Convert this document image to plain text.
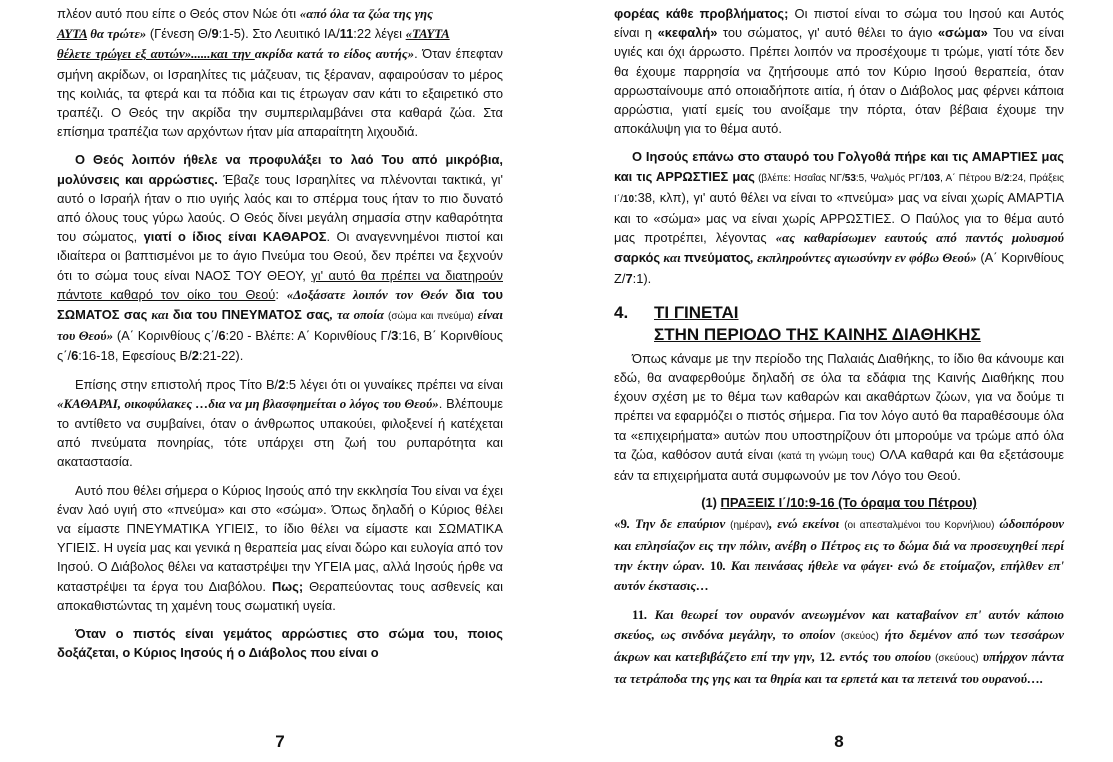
πλέον αυτό που είπε ο Θεός στον Νώε ότι «από όλα τα ζώα της γης
ΑΥΤΑ θα τρώτε» (Γένεση Θ/9:1-5). Στο Λευιτικό ΙΑ/11:22 λέγει «ΤΑΥΤΑ
θέλετε τρώγει εξ αυτών»......και την ακρίδα κατά το είδος αυτής». Όταν έπεφταν σμήνη ακρίδων, οι Ισραηλίτες τις μάζευαν, τις ξέραναν, αφαιρούσαν το μέρος της κοιλιάς, τα φτερά και τα πόδια και τις έτρωγαν σαν κάτι το εξαιρετικό στο τραπέζι. Ο Θεός την ακρίδα την συμπεριλαμβάνει στα καθαρά ζώα. Στα επίσημα τραπέζια των αρχόντων ήταν μία απαραίτητη λιχουδιά.

Ο Θεός λοιπόν ήθελε να προφυλάξει το λαό Του από μικρόβια, μολύνσεις και αρρώστιες. Έβαζε τους Ισραηλίτες να πλένονται τακτικά, γι' αυτό ο Ισραήλ ήταν ο πιο υγιής λαός και το σπέρμα τους ήταν το πιο δυνατό από όλους τους γύρω λαούς. Ο Θεός δίνει μεγάλη σημασία στην καθαρότητα του σώματος, γιατί ο ίδιος είναι ΚΑΘΑΡΟΣ. Οι αναγεννημένοι πιστοί και ιδιαίτερα οι βαπτισμένοι με το άγιο Πνεύμα του Θεού, δεν πρέπει να ξεχνούν ότι το σώμα τους είναι ΝΑΟΣ ΤΟΥ ΘΕΟΥ, γι' αυτό θα πρέπει να διατηρούν πάντοτε καθαρό τον οίκο του Θεού: «Δοξάσατε λοιπόν τον Θεόν δια του ΣΩΜΑΤΟΣ σας και δια του ΠΝΕΥΜΑΤΟΣ σας, τα οποία (σώμα και πνεύμα) είναι του Θεού» (Α΄ Κορινθίους ς΄/6:20 - Βλέπε: Α΄ Κορινθίους Γ/3:16, Β΄ Κορινθίους ς΄/6:16-18, Εφεσίους Β/2:21-22).

Επίσης στην επιστολή προς Τίτο Β/2:5 λέγει ότι οι γυναίκες πρέπει να είναι «ΚΑΘΑΡΑΙ, οικοφύλακες …δια να μη βλασφημείται ο λόγος του Θεού». Βλέπουμε το αντίθετο να συμβαίνει, όταν ο άνθρωπος υπακούει, φιλοξενεί ή κατέχεται από πνεύματα πονηρίας, τότε υπάρχει στη ζωή του ρυπαρότητα και ακαταστασία.

Αυτό που θέλει σήμερα ο Κύριος Ιησούς από την εκκλησία Του είναι να έχει έναν λαό υγιή στο «πνεύμα» και στο «σώμα». Όπως δηλαδή ο Κύριος θέλει να είμαστε ΠΝΕΥΜΑΤΙΚΑ ΥΓΙΕΙΣ, το ίδιο θέλει να είμαστε και ΣΩΜΑΤΙΚΑ ΥΓΙΕΙΣ. Η υγεία μας και γενικά η θεραπεία μας είναι δώρο και ευλογία από τον Ιησού. Ο Διάβολος θέλει να καταστρέψει την ΥΓΕΙΑ μας, αλλά Ιησούς ήρθε να καταστρέψει τα έργα του Διαβόλου. Πως; Θεραπεύοντας τους ασθενείς και αποκαθιστώντας τη χαμένη τους σωματική υγεία.

Όταν ο πιστός είναι γεμάτος αρρώστιες στο σώμα του, ποιος δοξάζεται, ο Κύριος Ιησούς ή ο Διάβολος που είναι ο

7

φορέας κάθε προβλήματος; Οι πιστοί είναι το σώμα του Ιησού και Αυτός είναι η «κεφαλή» του σώματος, γι' αυτό θέλει το άγιο «σώμα» Του να είναι υγιές και όχι άρρωστο. Πρέπει λοιπόν να προσέχουμε τι τρώμε, γιατί τότε δεν θα έχουμε παρρησία να ζητήσουμε από τον Κύριο Ιησού θεραπεία, όταν αρρωσταίνουμε από οποιαδήποτε αιτία, ή όταν ο Διάβολος μας φέρνει κάποια αρρώστια, γιατί εμείς του ανοίξαμε την πόρτα, όταν βέβαια έχουμε την αποκάλυψη για το θέμα αυτό.

Ο Ιησούς επάνω στο σταυρό του Γολγοθά πήρε και τις ΑΜΑΡΤΙΕΣ μας και τις ΑΡΡΩΣΤΙΕΣ μας (βλέπε: Ησαΐας ΝΓ/53:5, Ψαλμός ΡΓ/103, Α΄ Πέτρου Β/2:24, Πράξεις Ι΄/10:38, κλπ), γι' αυτό θέλει να είναι το «πνεύμα» μας να είναι χωρίς ΑΜΑΡΤΙΑ και το «σώμα» μας να είναι χωρίς ΑΡΡΩΣΤΙΕΣ. Ο Παύλος για το θέμα αυτό μας προτρέπει, λέγοντας «ας καθαρίσωμεν εαυτούς από παντός μολυσμού σαρκός και πνεύματος, εκπληρούντες αγιωσύνην εν φόβω Θεού» (Α΄ Κορινθίους Ζ/7:1).

4. ΤΙ ΓΙΝΕΤΑΙ
ΣΤΗΝ ΠΕΡΙΟΔΟ ΤΗΣ ΚΑΙΝΗΣ ΔΙΑΘΗΚΗΣ

Όπως κάναμε με την περίοδο της Παλαιάς Διαθήκης, το ίδιο θα κάνουμε και εδώ, θα αναφερθούμε δηλαδή σε όλα τα εδάφια της Καινής Διαθήκης που έχουν σχέση με το θέμα των καθαρών και ακαθάρτων ζώων, για να δούμε τι πρέπει να εφαρμόζει ο πιστός σήμερα. Για τον λόγο αυτό θα παραθέσουμε όλα τα «επιχειρήματα» αυτών που υποστηρίζουν ότι μπορούμε να τρώμε από όλα τα ζώα, καθόσον αυτά είναι (κατά τη γνώμη τους) ΟΛΑ καθαρά και θα εξετάσουμε εάν τα επιχειρήματα αυτά συμφωνούν με τον Λόγο του Θεού.

(1) ΠΡΑΞΕΙΣ Ι΄/10:9-16 (Το όραμα του Πέτρου)

«9. Την δε επαύριον (ημέραν), ενώ εκείνοι (οι απεσταλμένοι του Κορνήλιου) ώδοιπόρουν και επλησίαζον εις την πόλιν, ανέβη ο Πέτρος εις το δώμα διά να προσευχηθεί περί την έκτην ώραν. 10. Και πεινάσας ήθελε να φάγει· ενώ δε ετοίμαζον, επήλθεν επ' αυτόν έκστασις…

11. Και θεωρεί τον ουρανόν ανεωγμένον και καταβαίνον επ' αυτόν κάποιο σκεύος, ως σινδόνα μεγάλην, το οποίον (σκεύος) ήτο δεμένον από των τεσσάρων άκρων και κατεβιβάζετο επί την γην, 12. εντός του οποίου (σκεύους) υπήρχον πάντα τα τετράποδα της γης και τα θηρία και τα ερπετά και τα πετεινά του ουρανού….

8
